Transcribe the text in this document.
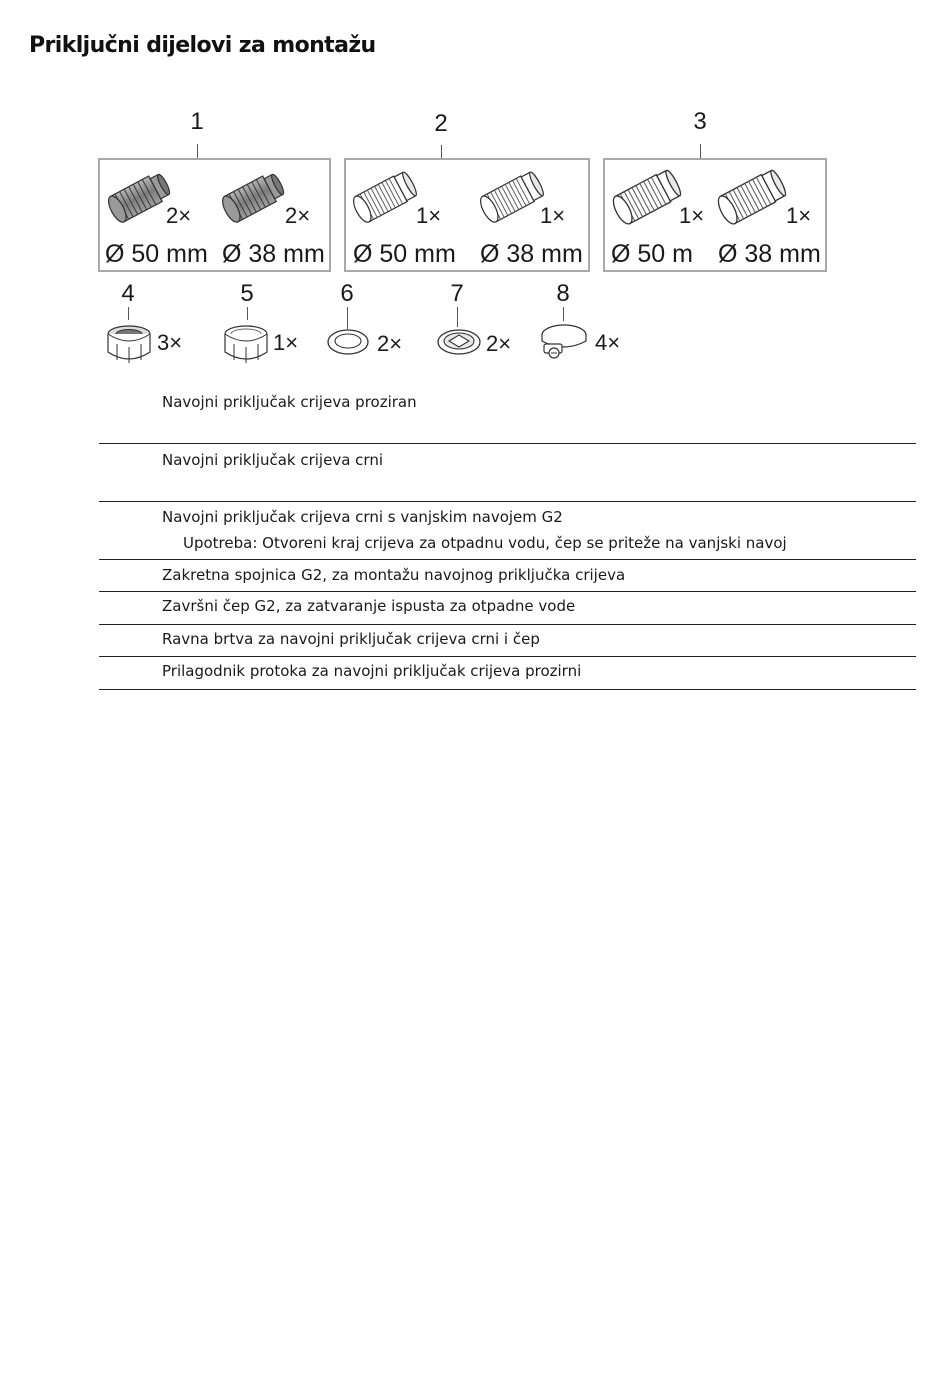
Priključni dijelovi za montažu
1
2×	2×
Ø 50 mm Ø 38 mm
2
1×	1×
Ø 50 mm Ø 38 mm
3
1×	1×
Ø 50 m Ø 38 mm
4
3×
5
1×
6
2×
7
2×
8
4×
Navojni priključak crijeva proziran
Navojni priključak crijeva crni
Navojni priključak crijeva crni s vanjskim navojem G2
Upotreba: Otvoreni kraj crijeva za otpadnu vodu, čep se priteže na vanjski navoj
Zakretna spojnica G2, za montažu navojnog priključka crijeva
Završni čep G2, za zatvaranje ispusta za otpadne vode
Ravna brtva za navojni priključak crijeva crni i čep
Prilagodnik protoka za navojni priključak crijeva prozirni
